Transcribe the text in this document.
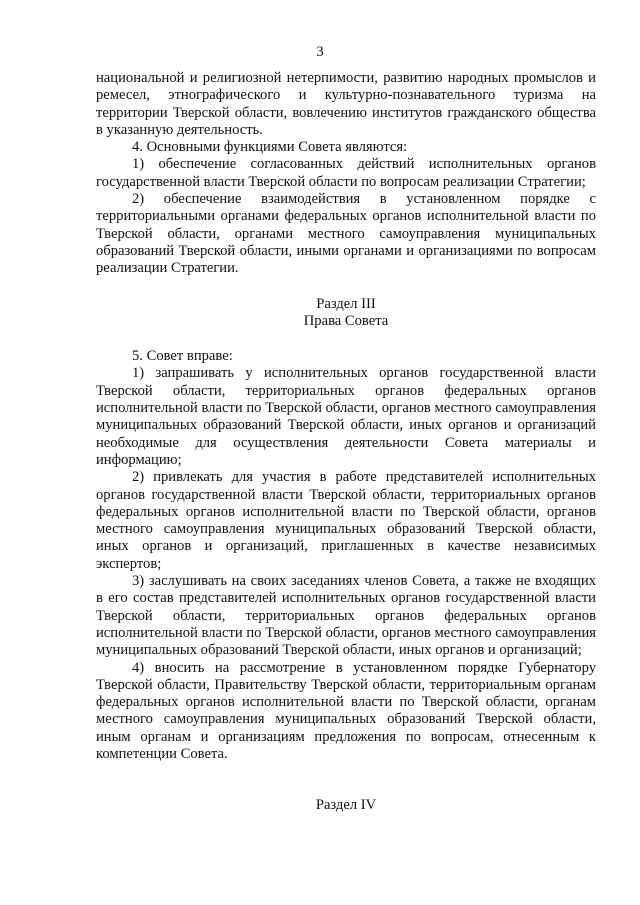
3

национальной и религиозной нетерпимости, развитию народных промыслов и ремесел, этнографического и культурно-познавательного туризма на территории Тверской области, вовлечению институтов гражданского общества в указанную деятельность.

4. Основными функциями Совета являются:

1) обеспечение согласованных действий исполнительных органов государственной власти Тверской области по вопросам реализации Стратегии;

2) обеспечение взаимодействия в установленном порядке с территориальными органами федеральных органов исполнительной власти по Тверской области, органами местного самоуправления муниципальных образований Тверской области, иными органами и организациями по вопросам реализации Стратегии.

Раздел III

Права Совета

5. Совет вправе:

1) запрашивать у исполнительных органов государственной власти Тверской области, территориальных органов федеральных органов исполнительной власти по Тверской области, органов местного самоуправления муниципальных образований Тверской области, иных органов и организаций необходимые для осуществления деятельности Совета материалы и информацию;

2) привлекать для участия в работе представителей исполнительных органов государственной власти Тверской области, территориальных органов федеральных органов исполнительной власти по Тверской области, органов местного самоуправления муниципальных образований Тверской области, иных органов и организаций, приглашенных в качестве независимых экспертов;

3) заслушивать на своих заседаниях членов Совета, а также не входящих в его состав представителей исполнительных органов государственной власти Тверской области, территориальных органов федеральных органов исполнительной власти по Тверской области, органов местного самоуправления муниципальных образований Тверской области, иных органов и организаций;

4) вносить на рассмотрение в установленном порядке Губернатору Тверской области, Правительству Тверской области, территориальным органам федеральных органов исполнительной власти по Тверской области, органам местного самоуправления муниципальных образований Тверской области, иным органам и организациям предложения по вопросам, отнесенным к компетенции Совета.

Раздел IV
